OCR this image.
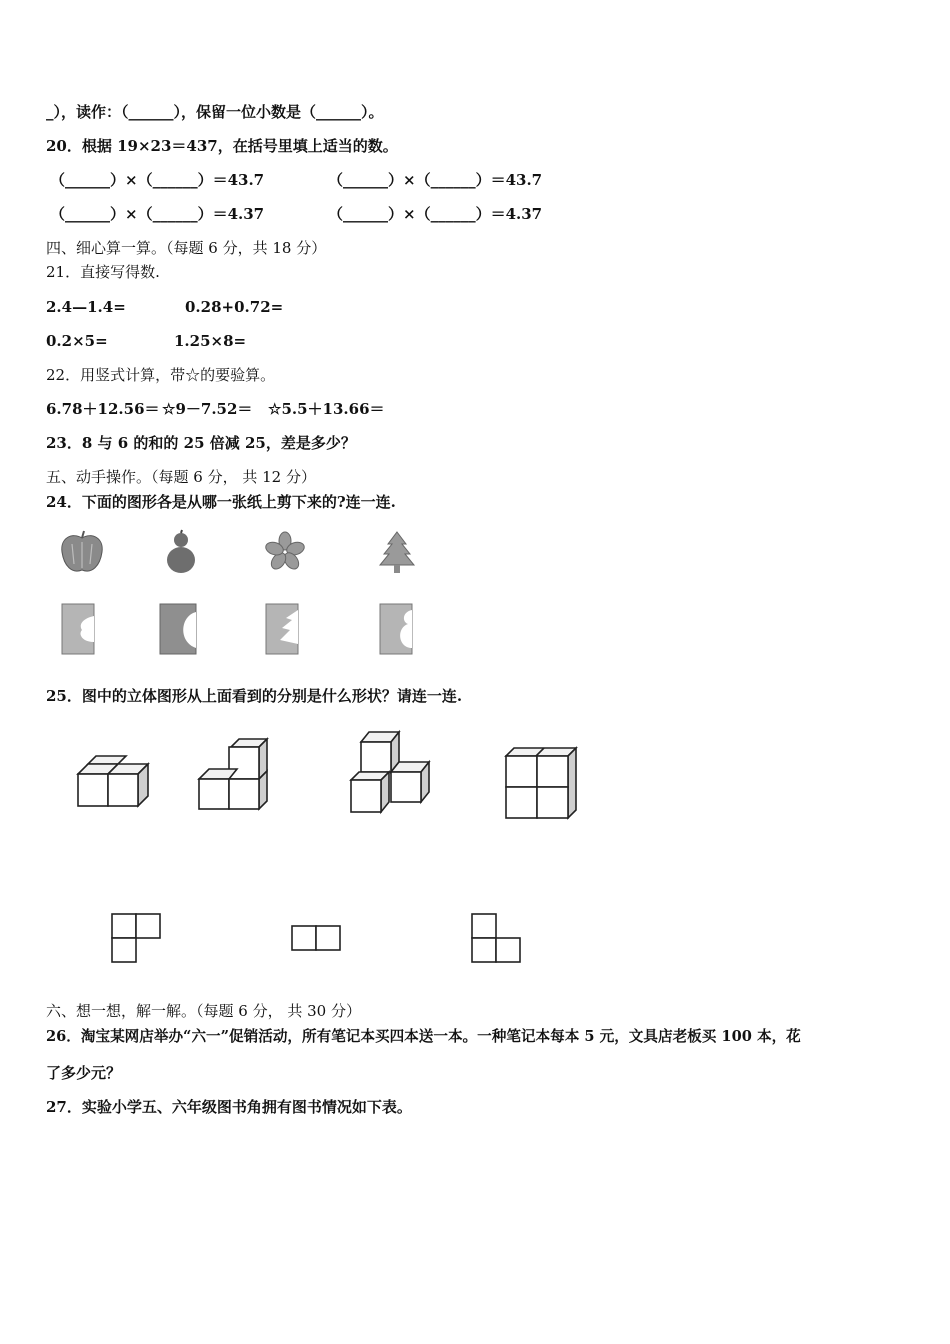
_），读作：（______），保留一位小数是（______）。
20．根据 19×23＝437，在括号里填上适当的数。
（______）×（______）＝43.7	（______）×（______）＝43.7
（______）×（______）＝4.37	（______）×（______）＝4.37
四、细心算一算。（每题 6 分，共 18 分）
21．直接写得数.
2.4—1.4=	0.28+0.72=
0.2×5=	1.25×8=
22．用竖式计算，带☆的要验算。
6.78＋12.56＝ ☆9－7.52＝ ☆5.5＋13.66＝
23．8 与 6 的和的 25 倍减 25，差是多少？
五、动手操作。（每题 6 分， 共 12 分）
24．下面的图形各是从哪一张纸上剪下来的?连一连.
25．图中的立体图形从上面看到的分别是什么形状？请连一连.
六、想一想，解一解。（每题 6 分， 共 30 分）
26．淘宝某网店举办“六一”促销活动，所有笔记本买四本送一本。一种笔记本每本 5 元，文具店老板买 100 本，花
了多少元？
27．实验小学五、六年级图书角拥有图书情况如下表。
